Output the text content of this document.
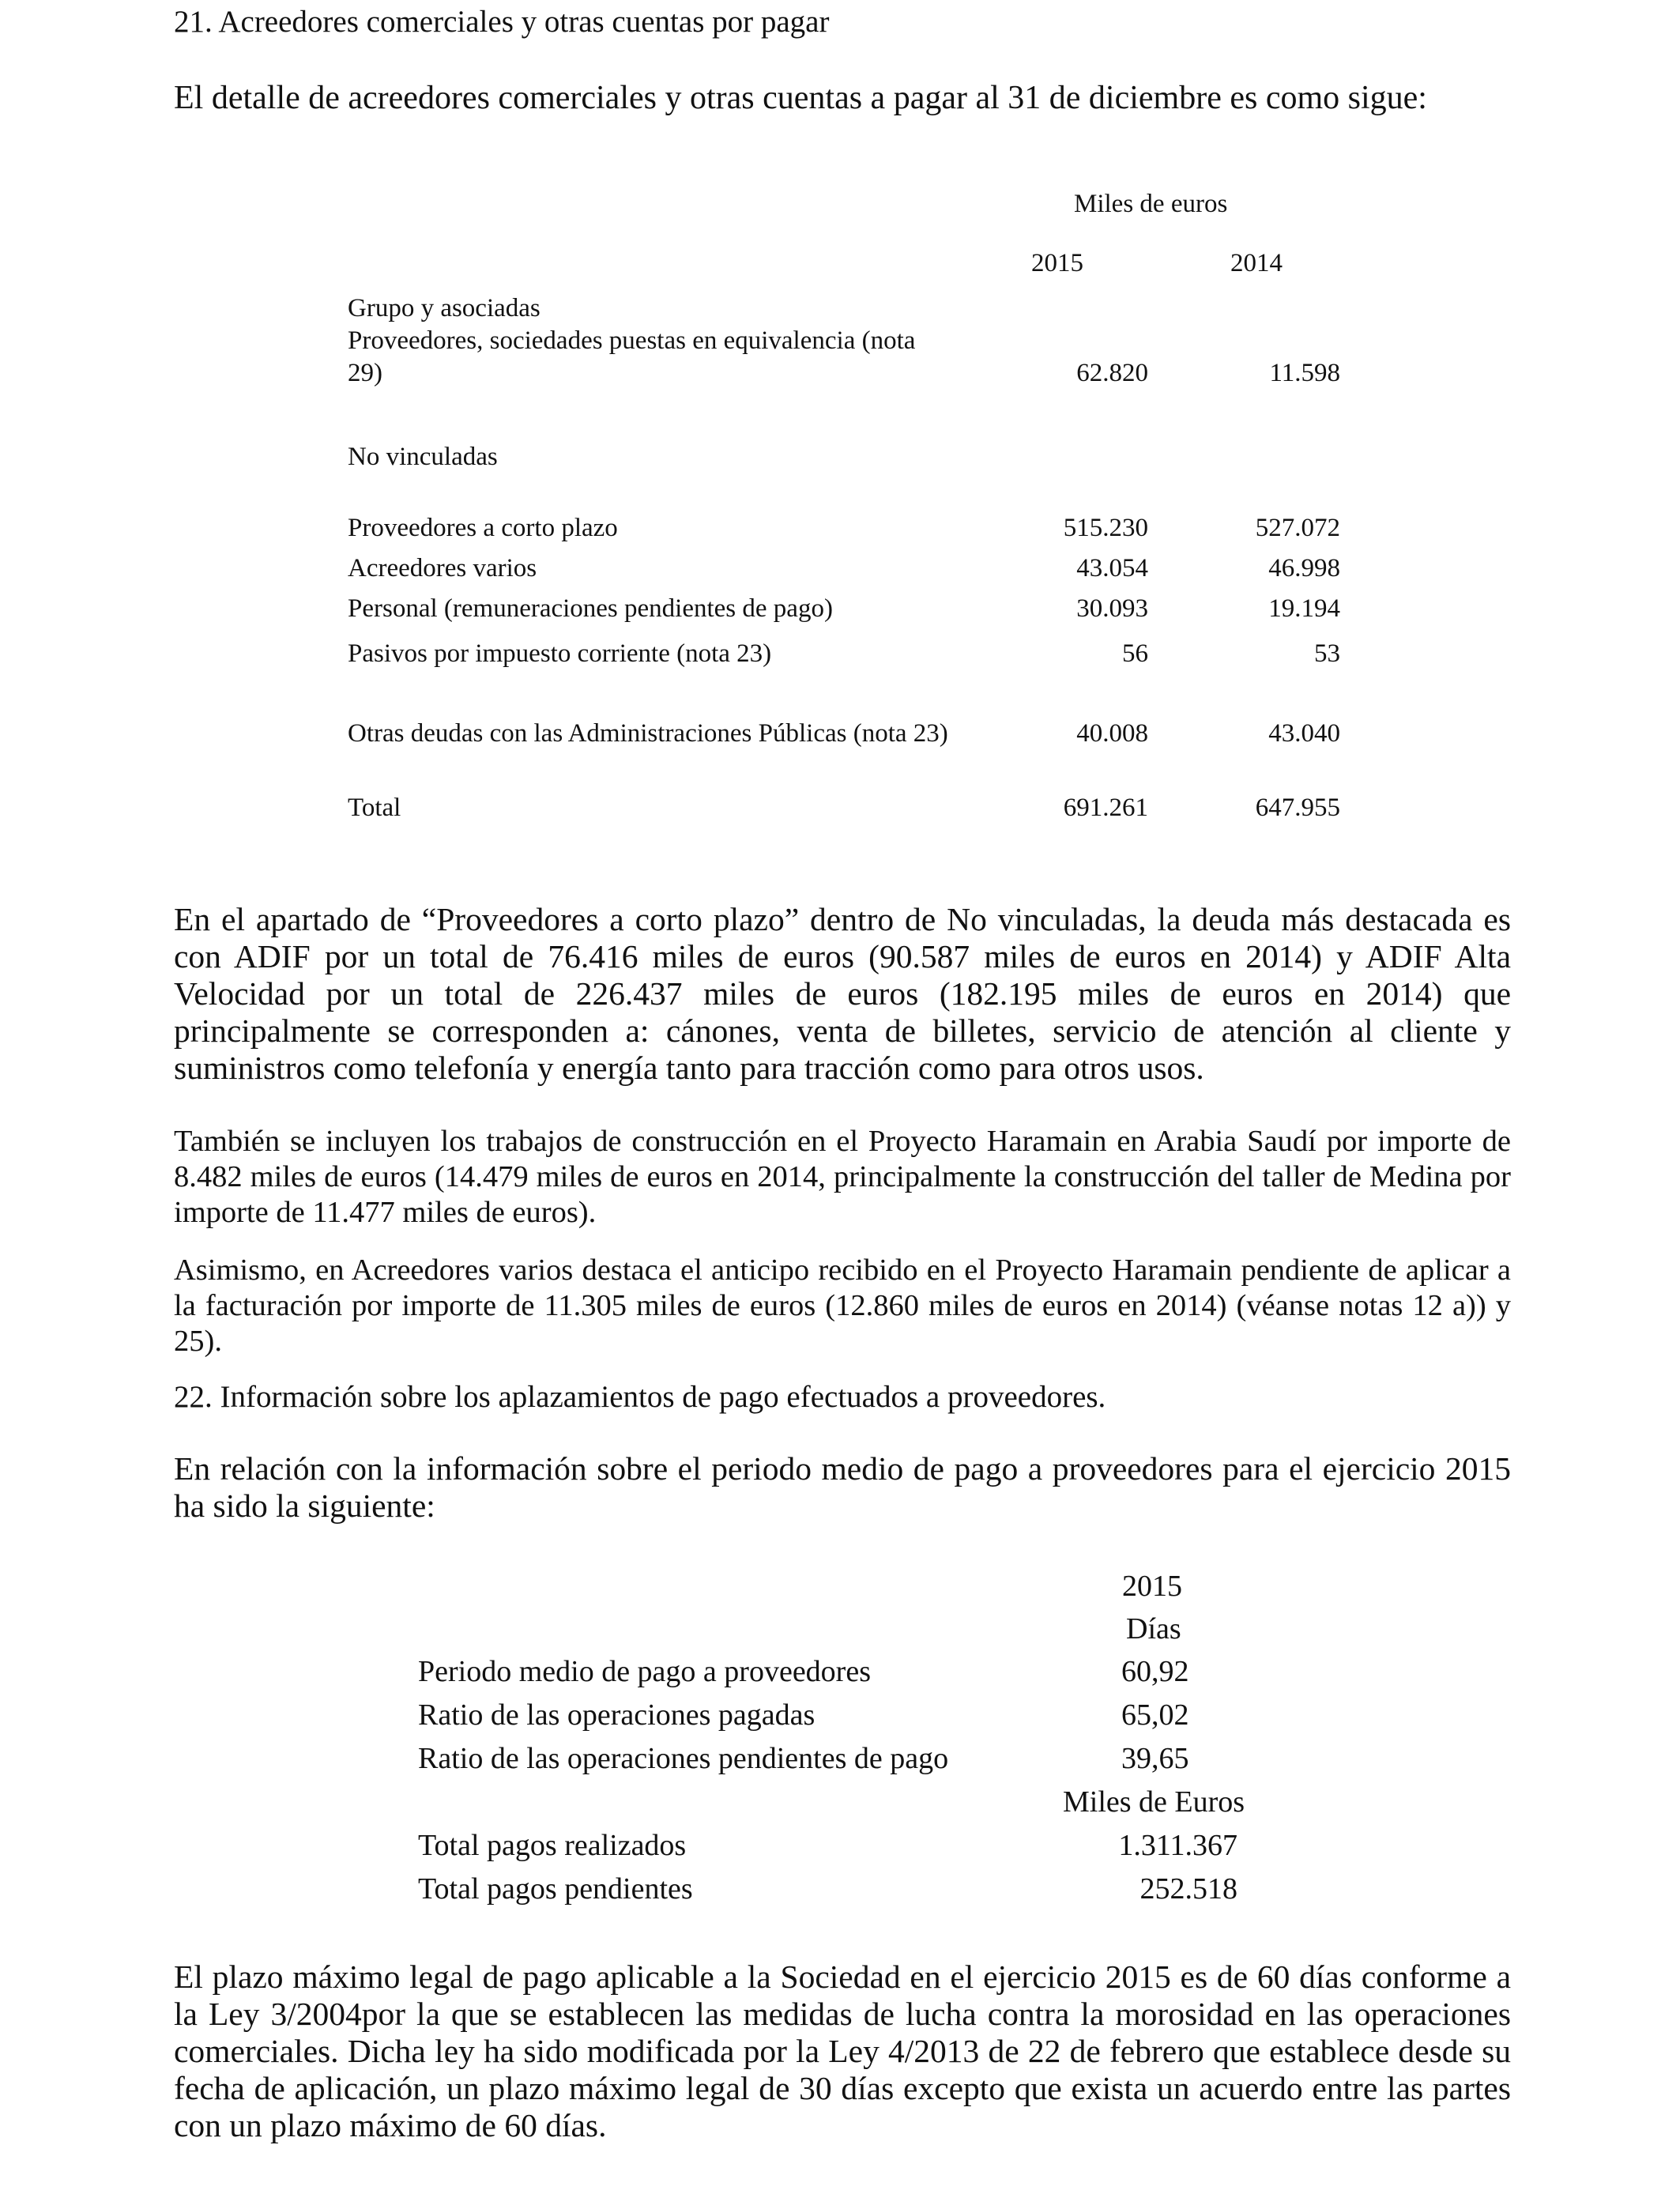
21. Acreedores comerciales y otras cuentas por pagar
El detalle de acreedores comerciales y otras cuentas a pagar al 31 de diciembre es como sigue:
Miles de euros
2015	2014
Grupo y asociadas
Proveedores, sociedades puestas en equivalencia (nota
29)	62.820	11.598
No vinculadas
Proveedores a corto plazo	515.230	527.072
Acreedores varios	43.054	46.998
Personal (remuneraciones pendientes de pago)	30.093	19.194
Pasivos por impuesto corriente (nota 23)	56	53
Otras deudas con las Administraciones Públicas (nota 23)	40.008	43.040
Total	691.261	647.955
En el apartado de “Proveedores a corto plazo” dentro de No vinculadas, la deuda más destacada es con ADIF por un total de 76.416 miles de euros (90.587 miles de euros en 2014) y ADIF Alta Velocidad por un total de 226.437 miles de euros (182.195 miles de euros en 2014) que principalmente se corresponden a: cánones, venta de billetes, servicio de atención al cliente y suministros como telefonía y energía tanto para tracción como para otros usos.
También se incluyen los trabajos de construcción en el Proyecto Haramain en Arabia Saudí por importe de 8.482 miles de euros (14.479 miles de euros en 2014, principalmente la construcción del taller de Medina por importe de 11.477 miles de euros).
Asimismo, en Acreedores varios destaca el anticipo recibido en el Proyecto Haramain pendiente de aplicar a la facturación por importe de 11.305 miles de euros (12.860 miles de euros en 2014) (véanse notas 12 a)) y 25).
22. Información sobre los aplazamientos de pago efectuados a proveedores.
En relación con la información sobre el periodo medio de pago a proveedores para el ejercicio 2015 ha sido la siguiente:
2015
Días
Periodo medio de pago a proveedores	60,92
Ratio de las operaciones pagadas	65,02
Ratio de las operaciones pendientes de pago	39,65
Miles de Euros
Total pagos realizados	1.311.367
Total pagos pendientes	252.518
El plazo máximo legal de pago aplicable a la Sociedad en el ejercicio 2015 es de 60 días conforme a la Ley 3/2004por la que se establecen las medidas de lucha contra la morosidad en las operaciones comerciales. Dicha ley ha sido modificada por la Ley 4/2013 de 22 de febrero que establece desde su fecha de aplicación, un plazo máximo legal de 30 días excepto que exista un acuerdo entre las partes con un plazo máximo de 60 días.
